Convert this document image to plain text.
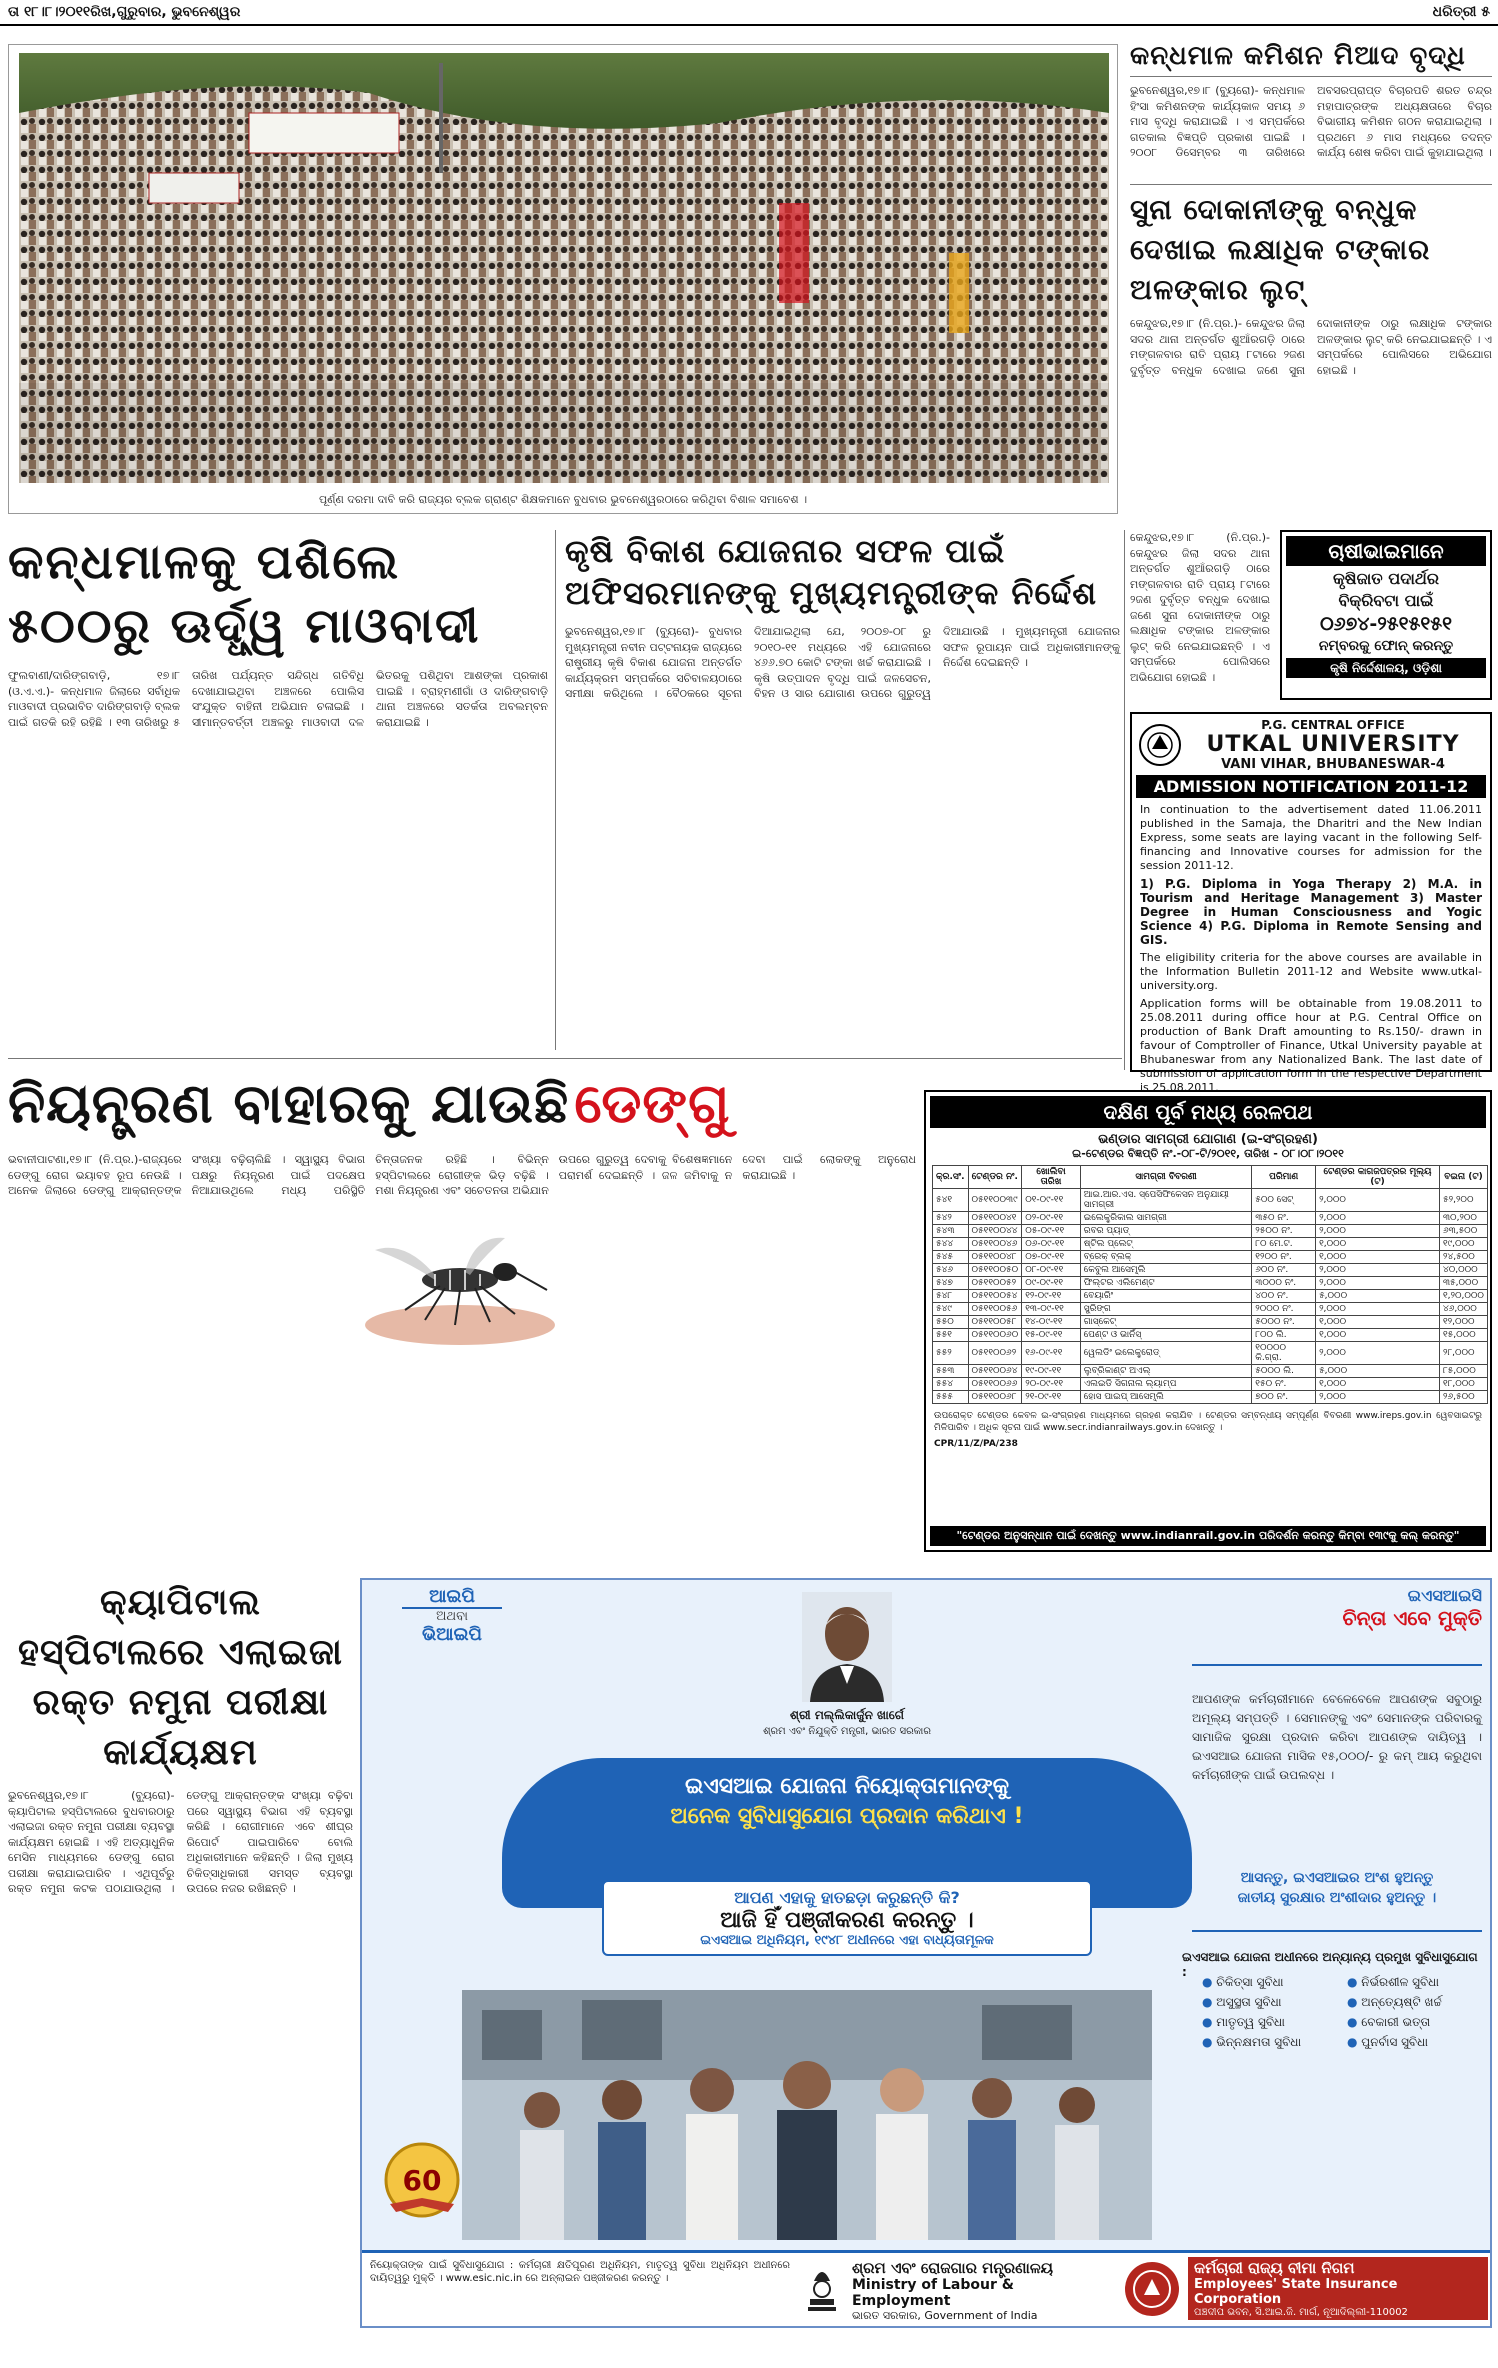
ତା ୧୮।୮।୨୦୧୧ରିଖ,ଗୁରୁବାର, ଭୁବନେଶ୍ୱର	ଧରିତ୍ରୀ ୫
ପୂର୍ଣ୍ଣ ଦରମା ଦାବି କରି ରାଜ୍ୟର ବ୍ଲକ ଗ୍ରାଣ୍ଟ ଶିକ୍ଷକମାନେ ବୁଧବାର ଭୁବନେଶ୍ୱରଠାରେ କରିଥିବା ବିଶାଳ ସମାବେଶ ।
କନ୍ଧମାଳ କମିଶନ ମିଆଦ ବୃଦ୍ଧି
ଭୁବନେଶ୍ୱର,୧୭।୮ (ବ୍ୟୁରୋ)- କନ୍ଧମାଳ ହିଂସା କମିଶନଙ୍କ କାର୍ଯ୍ୟକାଳ ସମୟ ୬ ମାସ ବୃଦ୍ଧି କରାଯାଇଛି । ଏ ସମ୍ପର୍କରେ ଗତକାଲ ବିଜ୍ଞପ୍ତି ପ୍ରକାଶ ପାଇଛି । ୨୦୦୮ ଡିସେମ୍ବର ୩ ତାରିଖରେ ଅବସରପ୍ରାପ୍ତ ବିଚାରପତି ଶରତ ଚନ୍ଦ୍ର ମହାପାତ୍ରଙ୍କ ଅଧ୍ୟକ୍ଷତାରେ ବିଚାର ବିଭାଗୀୟ କମିଶନ ଗଠନ କରାଯାଇଥିଲା । ପ୍ରଥମେ ୬ ମାସ ମଧ୍ୟରେ ତଦନ୍ତ କାର୍ଯ୍ୟ ଶେଷ କରିବା ପାଇଁ କୁହାଯାଇଥିଲା ।
ସୁନା ଦୋକାନୀଙ୍କୁ ବନ୍ଧୁକ ଦେଖାଇ ଲକ୍ଷାଧିକ ଟଙ୍କାର ଅଳଙ୍କାର ଲୁଟ୍
କେନ୍ଦୁଝର,୧୭।୮ (ନି.ପ୍ର.)- କେନ୍ଦୁଝର ଜିଲା ସଦର ଥାନା ଅନ୍ତର୍ଗତ ଶୁଆଁରଗଡ଼ି ଠାରେ ମଙ୍ଗଳବାର ରାତି ପ୍ରାୟ ୮ଟାରେ ୨ଜଣ ଦୁର୍ବୃତ୍ତ ବନ୍ଧୁକ ଦେଖାଇ ଜଣେ ସୁନା ଦୋକାନୀଙ୍କ ଠାରୁ ଲକ୍ଷାଧିକ ଟଙ୍କାର ଅଳଙ୍କାର ଲୁଟ୍ କରି ନେଇଯାଇଛନ୍ତି । ଏ ସମ୍ପର୍କରେ ପୋଲିସରେ ଅଭିଯୋଗ ହୋଇଛି ।
ଚାଷୀଭାଇମାନେ
କୃଷିଜାତ ପଦାର୍ଥର
ବିକ୍ରିବଟା ପାଇଁ
୦୬୭୪-୨୫୧୫୧୫୧
ନମ୍ବରକୁ ଫୋନ୍ କରନ୍ତୁ
କୃଷି ନିର୍ଦ୍ଦେଶାଳୟ, ଓଡ଼ିଶା
କେନ୍ଦୁଝର,୧୭।୮ (ନି.ପ୍ର.)- କେନ୍ଦୁଝର ଜିଲା ସଦର ଥାନା ଅନ୍ତର୍ଗତ ଶୁଆଁରଗଡ଼ି ଠାରେ ମଙ୍ଗଳବାର ରାତି ପ୍ରାୟ ୮ଟାରେ ୨ଜଣ ଦୁର୍ବୃତ୍ତ ବନ୍ଧୁକ ଦେଖାଇ ଜଣେ ସୁନା ଦୋକାନୀଙ୍କ ଠାରୁ ଲକ୍ଷାଧିକ ଟଙ୍କାର ଅଳଙ୍କାର ଲୁଟ୍ କରି ନେଇଯାଇଛନ୍ତି । ଏ ସମ୍ପର୍କରେ ପୋଲିସରେ ଅଭିଯୋଗ ହୋଇଛି ।
କନ୍ଧମାଳକୁ ପଶିଲେ ୫୦୦ରୁ ଊର୍ଦ୍ଧ୍ୱ ମାଓବାଦୀ
ଫୁଲବାଣୀ/ଦାରିଙ୍ଗବାଡ଼ି, ୧୭।୮ (ଓ.ଏ.ଏ.)- କନ୍ଧମାଳ ଜିଲାରେ ସର୍ବାଧିକ ମାଓବାଦୀ ପ୍ରଭାବିତ ଦାରିଙ୍ଗବାଡ଼ି ବ୍ଲକ ପାଇଁ ଗତକି ରହି ରହିଛି । ୧୩ ତାରିଖରୁ ୫ ତାରିଖ ପର୍ଯ୍ୟନ୍ତ ସନ୍ଦିଗ୍ଧ ଗତିବିଧି ଦେଖାଯାଇଥିବା ଅଞ୍ଚଳରେ ପୋଲିସ ସଂଯୁକ୍ତ ବାହିନୀ ଅଭିଯାନ ଚଳାଇଛି । ସୀମାନ୍ତବର୍ତ୍ତୀ ଅଞ୍ଚଳରୁ ମାଓବାଦୀ ଦଳ ଭିତରକୁ ପଶିଥିବା ଆଶଙ୍କା ପ୍ରକାଶ ପାଇଛି । ବ୍ରାହ୍ମଣୀଗାଁ ଓ ଦାରିଙ୍ଗବାଡ଼ି ଥାନା ଅଞ୍ଚଳରେ ସତର୍କତା ଅବଲମ୍ବନ କରାଯାଇଛି ।
କୃଷି ବିକାଶ ଯୋଜନାର ସଫଳ ପାଇଁ ଅଫିସରମାନଙ୍କୁ ମୁଖ୍ୟମନ୍ତ୍ରୀଙ୍କ ନିର୍ଦ୍ଦେଶ
ଭୁବନେଶ୍ୱର,୧୭।୮ (ବ୍ୟୁରୋ)- ବୁଧବାର ମୁଖ୍ୟମନ୍ତ୍ରୀ ନବୀନ ପଟ୍ଟନାୟକ ରାଜ୍ୟରେ ରାଷ୍ଟ୍ରୀୟ କୃଷି ବିକାଶ ଯୋଜନା ଅନ୍ତର୍ଗତ କାର୍ଯ୍ୟକ୍ରମ ସମ୍ପର୍କରେ ସଚିବାଳୟଠାରେ ସମୀକ୍ଷା କରିଥିଲେ । ବୈଠକରେ ସୂଚନା ଦିଆଯାଇଥିଲା ଯେ, ୨୦୦୭-୦୮ ରୁ ୨୦୧୦-୧୧ ମଧ୍ୟରେ ଏହି ଯୋଜନାରେ ୪୬୬.୭୦ କୋଟି ଟଙ୍କା ଖର୍ଚ୍ଚ କରାଯାଇଛି । କୃଷି ଉତ୍ପାଦନ ବୃଦ୍ଧି ପାଇଁ ଜଳସେଚନ, ବିହନ ଓ ସାର ଯୋଗାଣ ଉପରେ ଗୁରୁତ୍ୱ ଦିଆଯାଉଛି । ମୁଖ୍ୟମନ୍ତ୍ରୀ ଯୋଜନାର ସଫଳ ରୂପାୟନ ପାଇଁ ଅଧିକାରୀମାନଙ୍କୁ ନିର୍ଦ୍ଦେଶ ଦେଇଛନ୍ତି ।
P.G. CENTRAL OFFICE
UTKAL UNIVERSITY
VANI VIHAR, BHUBANESWAR-4
ADMISSION NOTIFICATION 2011-12

In continuation to the advertisement dated 11.06.2011 published in the Samaja, the Dharitri and the New Indian Express, some seats are laying vacant in the following Self-financing and Innovative courses for admission for the session 2011-12.

1) P.G. Diploma in Yoga Therapy 2) M.A. in Tourism and Heritage Management 3) Master Degree in Human Consciousness and Yogic Science 4) P.G. Diploma in Remote Sensing and GIS.

The eligibility criteria for the above courses are available in the Information Bulletin 2011-12 and Website www.utkal-university.org.

Application forms will be obtainable from 19.08.2011 to 25.08.2011 during office hour at P.G. Central Office on production of Bank Draft amounting to Rs.150/- drawn in favour of Comptroller of Finance, Utkal University payable at Bhubaneswar from any Nationalized Bank. The last date of submission of application form in the respective Department is 25.08.2011.

ନିୟନ୍ତ୍ରଣ ବାହାରକୁ ଯାଉଛି ଡେଙ୍ଗୁ
ଭବାନୀପାଟଣା,୧୭।୮ (ନି.ପ୍ର.)-ରାଜ୍ୟରେ ଡେଙ୍ଗୁ ରୋଗ ଭୟାବହ ରୂପ ନେଉଛି । ଅନେକ ଜିଲାରେ ଡେଙ୍ଗୁ ଆକ୍ରାନ୍ତଙ୍କ ସଂଖ୍ୟା ବଢ଼ିଚାଲିଛି । ସ୍ୱାସ୍ଥ୍ୟ ବିଭାଗ ପକ୍ଷରୁ ନିୟନ୍ତ୍ରଣ ପାଇଁ ପଦକ୍ଷେପ ନିଆଯାଉଥିଲେ ମଧ୍ୟ ପରିସ୍ଥିତି ଚିନ୍ତାଜନକ ରହିଛି । ବିଭିନ୍ନ ହସ୍ପିଟାଲରେ ରୋଗୀଙ୍କ ଭିଡ଼ ବଢ଼ିଛି । ମଶା ନିୟନ୍ତ୍ରଣ ଏବଂ ସଚେତନତା ଅଭିଯାନ ଉପରେ ଗୁରୁତ୍ୱ ଦେବାକୁ ବିଶେଷଜ୍ଞମାନେ ପରାମର୍ଶ ଦେଇଛନ୍ତି । ଜଳ ଜମିବାକୁ ନ ଦେବା ପାଇଁ ଲୋକଙ୍କୁ ଅନୁରୋଧ କରାଯାଇଛି ।
ଦକ୍ଷିଣ ପୂର୍ବ ମଧ୍ୟ ରେଳପଥ
ଭଣ୍ଡାର ସାମଗ୍ରୀ ଯୋଗାଣ (ଇ-ସଂଗ୍ରହଣ)
ଇ-ଟେଣ୍ଡର ବିଜ୍ଞପ୍ତି ନଂ.-୦୮-ଟି/୨୦୧୧, ତାରିଖ - ୦୮।୦୮।୨୦୧୧
କ୍ର.ସଂ.	ଟେଣ୍ଡର ନଂ.	ଖୋଲିବା ତାରିଖ	ସାମଗ୍ରୀ ବିବରଣୀ	ପରିମାଣ	ଟେଣ୍ଡର କାଗଜପତ୍ରର ମୂଲ୍ୟ (ଟ)	ବଇନା (ଟ)
୫୪୧	୦୫୧୧୦୦୩୯	୦୧-୦୯-୧୧	ଆଇ.ଆର.ଏସ. ସ୍ପେସିଫିକେସନ ଅନୁଯାୟୀ ସାମଗ୍ରୀ	୫୦୦ ସେଟ୍	୨,୦୦୦	୫୨,୨୦୦
୫୪୨	୦୫୧୧୦୦୪୧	୦୨-୦୯-୧୧	ଇଲେକ୍ଟ୍ରିକାଲ ସାମଗ୍ରୀ	୩୫୦ ନଂ.	୨,୦୦୦	୩୦,୨୦୦
୫୪୩	୦୫୧୧୦୦୪୪	୦୫-୦୯-୧୧	ରବର ପ୍ୟାଡ୍	୨୫୦୦ ନଂ.	୨,୦୦୦	୬୩,୫୦୦
୫୪୪	୦୫୧୧୦୦୪୬	୦୬-୦୯-୧୧	ଷ୍ଟିଲ ପ୍ଲେଟ୍	୮୦ ମେ.ଟ.	୧,୦୦୦	୧୯,୦୦୦
୫୪୫	୦୫୧୧୦୦୪୮	୦୭-୦୯-୧୧	ବ୍ରେକ୍ ବ୍ଲକ୍	୧୨୦୦ ନଂ.	୧,୦୦୦	୨୪,୫୦୦
୫୪୬	୦୫୧୧୦୦୫୦	୦୮-୦୯-୧୧	କେବୁଲ ଆସେମ୍ବ୍ଲି	୬୦୦ ନଂ.	୨,୦୦୦	୪୦,୦୦୦
୫୪୭	୦୫୧୧୦୦୫୨	୦୯-୦୯-୧୧	ଫିଲ୍ଟର ଏଲିମେଣ୍ଟ	୩୦୦୦ ନଂ.	୨,୦୦୦	୩୫,୦୦୦
୫୪୮	୦୫୧୧୦୦୫୪	୧୨-୦୯-୧୧	ବେୟାରିଂ	୪୦୦ ନଂ.	୫,୦୦୦	୧,୨୦,୦୦୦
୫୪୯	୦୫୧୧୦୦୫୬	୧୩-୦୯-୧୧	ସ୍ପ୍ରିଙ୍ଗ	୨୦୦୦ ନଂ.	୨,୦୦୦	୪୬,୦୦୦
୫୫୦	୦୫୧୧୦୦୫୮	୧୪-୦୯-୧୧	ଗାସ୍କେଟ୍	୫୦୦୦ ନଂ.	୧,୦୦୦	୧୨,୦୦୦
୫୫୧	୦୫୧୧୦୦୬୦	୧୫-୦୯-୧୧	ପେଣ୍ଟ ଓ ଭାର୍ନିସ୍	୮୦୦ ଲି.	୧,୦୦୦	୧୫,୦୦୦
୫୫୨	୦୫୧୧୦୦୬୨	୧୬-୦୯-୧୧	ୱେଲଡିଂ ଇଲେକ୍ଟ୍ରୋଡ୍	୧୦୦୦୦ କି.ଗ୍ରା.	୨,୦୦୦	୨୮,୦୦୦
୫୫୩	୦୫୧୧୦୦୬୪	୧୯-୦୯-୧୧	ଲୁବ୍ରିକାଣ୍ଟ ଅଏଲ୍	୫୦୦୦ ଲି.	୫,୦୦୦	୮୫,୦୦୦
୫୫୪	୦୫୧୧୦୦୬୬	୨୦-୦୯-୧୧	ଏଲଇଡି ସିଗନାଲ ଲ୍ୟାମ୍ପ	୧୫୦ ନଂ.	୧,୦୦୦	୧୮,୦୦୦
୫୫୫	୦୫୧୧୦୦୬୮	୨୧-୦୯-୧୧	ହୋସ ପାଇପ୍ ଆସେମ୍ବ୍ଲି	୭୦୦ ନଂ.	୨,୦୦୦	୨୬,୫୦୦
ଉପରୋକ୍ତ ଟେଣ୍ଡର କେବଳ ଇ-ସଂଗ୍ରହଣ ମାଧ୍ୟମରେ ଗ୍ରହଣ କରାଯିବ । ଟେଣ୍ଡର ସମ୍ବନ୍ଧୀୟ ସମ୍ପୂର୍ଣ୍ଣ ବିବରଣୀ www.ireps.gov.in ୱେବସାଇଟରୁ ମିଳିପାରିବ । ଅଧିକ ସୂଚନା ପାଇଁ www.secr.indianrailways.gov.in ଦେଖନ୍ତୁ ।
CPR/11/Z/PA/238
"ଟେଣ୍ଡର ଅନୁସନ୍ଧାନ ପାଇଁ ଦେଖନ୍ତୁ www.indianrail.gov.in ପରିଦର୍ଶନ କରନ୍ତୁ କିମ୍ବା ୧୩୯କୁ କଲ୍ କରନ୍ତୁ"
କ୍ୟାପିଟାଲ ହସ୍ପିଟାଲରେ ଏଲାଇଜା ରକ୍ତ ନମୁନା ପରୀକ୍ଷା କାର୍ଯ୍ୟକ୍ଷମ
ଭୁବନେଶ୍ୱର,୧୭।୮ (ବ୍ୟୁରୋ)- କ୍ୟାପିଟାଲ ହସ୍ପିଟାଲରେ ବୁଧବାରଠାରୁ ଏଲାଇଜା ରକ୍ତ ନମୁନା ପରୀକ୍ଷା ବ୍ୟବସ୍ଥା କାର୍ଯ୍ୟକ୍ଷମ ହୋଇଛି । ଏହି ଅତ୍ୟାଧୁନିକ ମେସିନ ମାଧ୍ୟମରେ ଡେଙ୍ଗୁ ରୋଗ ପରୀକ୍ଷା କରାଯାଇପାରିବ । ଏଥିପୂର୍ବରୁ ରକ୍ତ ନମୁନା କଟକ ପଠାଯାଉଥିଲା । ଡେଙ୍ଗୁ ଆକ୍ରାନ୍ତଙ୍କ ସଂଖ୍ୟା ବଢ଼ିବା ପରେ ସ୍ୱାସ୍ଥ୍ୟ ବିଭାଗ ଏହି ବ୍ୟବସ୍ଥା କରିଛି । ରୋଗୀମାନେ ଏବେ ଶୀଘ୍ର ରିପୋର୍ଟ ପାଇପାରିବେ ବୋଲି ଅଧିକାରୀମାନେ କହିଛନ୍ତି । ଜିଲା ମୁଖ୍ୟ ଚିକିତ୍ସାଧିକାରୀ ସମସ୍ତ ବ୍ୟବସ୍ଥା ଉପରେ ନଜର ରଖିଛନ୍ତି ।
ଆଇପି
ଅଥବା
ଭିଆଇପି
ଶ୍ରୀ ମଲ୍ଲିକାର୍ଜୁନ ଖାର୍ଗେ
ଶ୍ରମ ଏବଂ ନିଯୁକ୍ତି ମନ୍ତ୍ରୀ, ଭାରତ ସରକାର
ଇଏସଆଇ ଯୋଜନା ନିୟୋକ୍ତାମାନଙ୍କୁ
ଅନେକ ସୁବିଧାସୁଯୋଗ ପ୍ରଦାନ କରିଥାଏ !
ଆପଣ ଏହାକୁ ହାତଛଡ଼ା କରୁଛନ୍ତି କି?
ଆଜି ହିଁ ପଞ୍ଜୀକରଣ କରନ୍ତୁ ।
ଇଏସଆଇ ଅଧିନିୟମ, ୧୯୪୮ ଅଧୀନରେ ଏହା ବାଧ୍ୟତାମୂଳକ
60
ଇଏସଆଇସି
ଚିନ୍ତା ଏବେ ମୁକ୍ତି
ଆପଣଙ୍କ କର୍ମଚାରୀମାନେ ବେଳେବେଳେ ଆପଣଙ୍କ ସବୁଠାରୁ ଅମୂଲ୍ୟ ସମ୍ପତ୍ତି । ସେମାନଙ୍କୁ ଏବଂ ସେମାନଙ୍କ ପରିବାରକୁ ସାମାଜିକ ସୁରକ୍ଷା ପ୍ରଦାନ କରିବା ଆପଣଙ୍କ ଦାୟିତ୍ୱ । ଇଏସଆଇ ଯୋଜନା ମାସିକ ୧୫,୦୦୦/- ରୁ କମ୍ ଆୟ କରୁଥିବା କର୍ମଚାରୀଙ୍କ ପାଇଁ ଉପଲବ୍ଧ ।
ଆସନ୍ତୁ, ଇଏସଆଇର ଅଂଶ ହୁଅନ୍ତୁ
ଜାତୀୟ ସୁରକ୍ଷାର ଅଂଶୀଦାର ହୁଅନ୍ତୁ ।
ଇଏସଆଇ ଯୋଜନା ଅଧୀନରେ ଅନ୍ୟାନ୍ୟ ପ୍ରମୁଖ ସୁବିଧାସୁଯୋଗ :
● ଚିକିତ୍ସା ସୁବିଧା
● ଅସୁସ୍ଥତା ସୁବିଧା
● ମାତୃତ୍ୱ ସୁବିଧା
● ଭିନ୍ନକ୍ଷମତା ସୁବିଧା
● ନିର୍ଭରଶୀଳ ସୁବିଧା
● ଅନ୍ତ୍ୟେଷ୍ଟି ଖର୍ଚ୍ଚ
● ବେକାରୀ ଭତ୍ତା
● ପୁନର୍ବାସ ସୁବିଧା
ନିୟୋକ୍ତାଙ୍କ ପାଇଁ ସୁବିଧାସୁଯୋଗ : କର୍ମଚାରୀ କ୍ଷତିପୂରଣ ଅଧିନିୟମ, ମାତୃତ୍ୱ ସୁବିଧା ଅଧିନିୟମ ଅଧୀନରେ ଦାୟିତ୍ୱରୁ ମୁକ୍ତି । www.esic.nic.in ରେ ଅନ୍ଲାଇନ ପଞ୍ଜୀକରଣ କରନ୍ତୁ ।
ଶ୍ରମ ଏବଂ ରୋଜଗାର ମନ୍ତ୍ରଣାଳୟ
Ministry of Labour & Employment
ଭାରତ ସରକାର, Government of India
କର୍ମଚାରୀ ରାଜ୍ୟ ବୀମା ନିଗମ
Employees' State Insurance Corporation
ପଞ୍ଚଦୀପ ଭବନ, ସି.ଆଇ.ଜି. ମାର୍ଗ, ନୂଆଦିଲ୍ଲୀ-110002
